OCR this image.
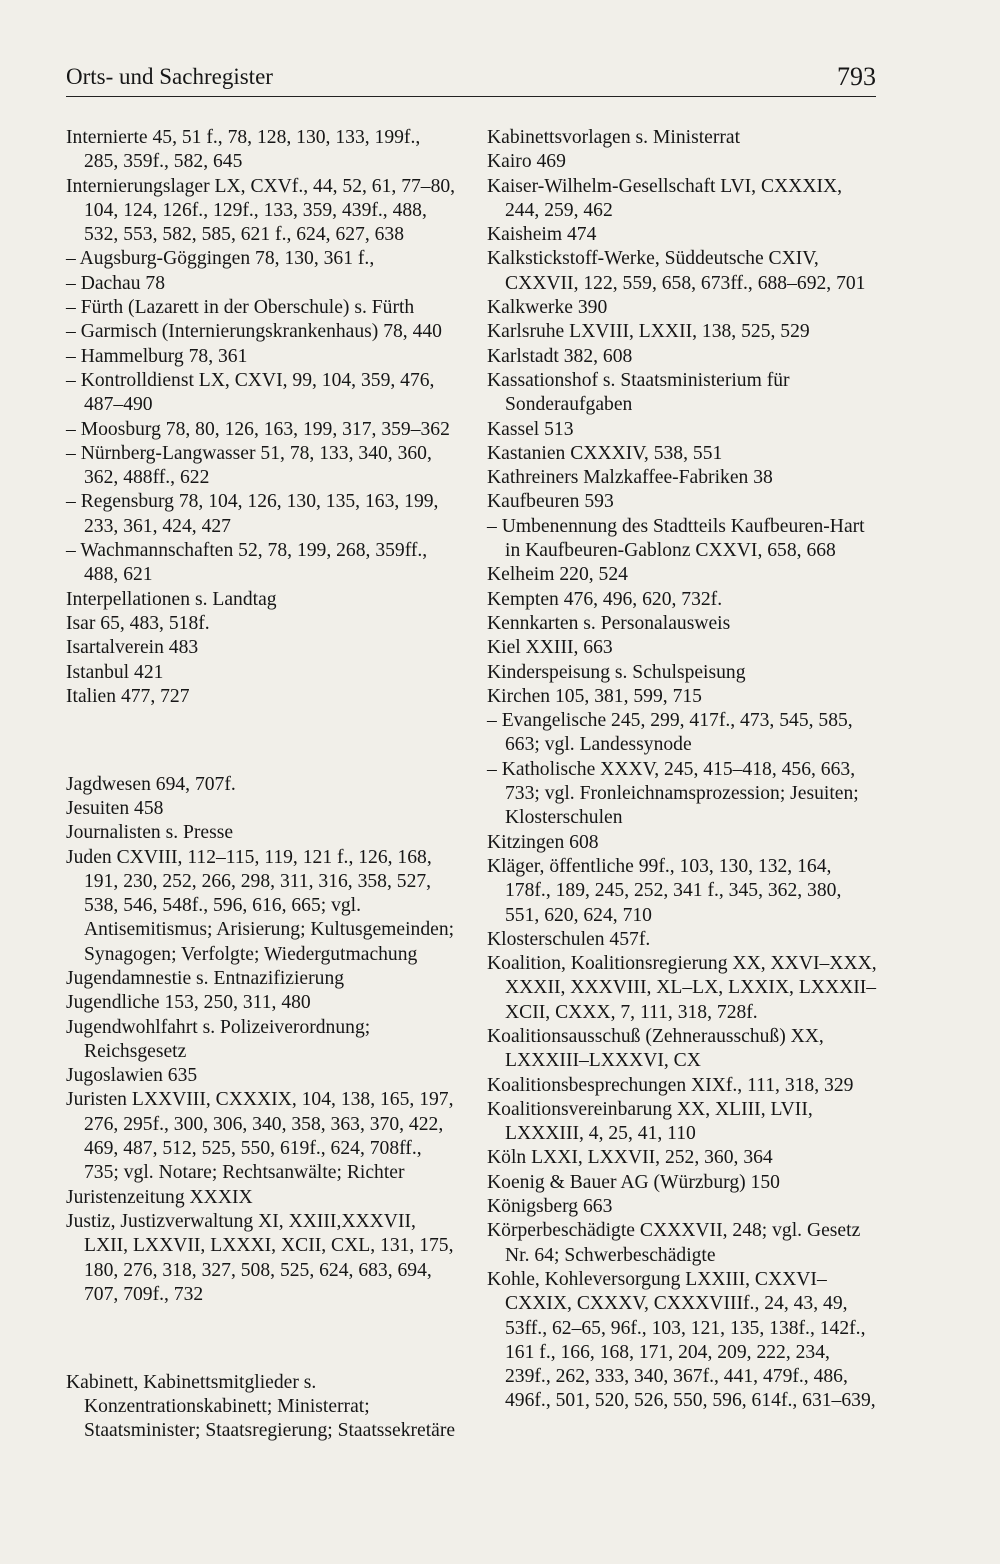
Orts- und Sachregister	793

Internierte 45, 51 f., 78, 128, 130, 133, 199f., 285, 359f., 582, 645

Internierungslager LX, CXVf., 44, 52, 61, 77–80, 104, 124, 126f., 129f., 133, 359, 439f., 488, 532, 553, 582, 585, 621 f., 624, 627, 638

– Augsburg-Göggingen 78, 130, 361 f.,

– Dachau 78

– Fürth (Lazarett in der Oberschule) s. Fürth

– Garmisch (Internierungskrankenhaus) 78, 440

– Hammelburg 78, 361

– Kontrolldienst LX, CXVI, 99, 104, 359, 476, 487–490

– Moosburg 78, 80, 126, 163, 199, 317, 359–362

– Nürnberg-Langwasser 51, 78, 133, 340, 360, 362, 488ff., 622

– Regensburg 78, 104, 126, 130, 135, 163, 199, 233, 361, 424, 427

– Wachmannschaften 52, 78, 199, 268, 359ff., 488, 621

Interpellationen s. Landtag

Isar 65, 483, 518f.

Isartalverein 483

Istanbul 421

Italien 477, 727

Jagdwesen 694, 707f.

Jesuiten 458

Journalisten s. Presse

Juden CXVIII, 112–115, 119, 121 f., 126, 168, 191, 230, 252, 266, 298, 311, 316, 358, 527, 538, 546, 548f., 596, 616, 665; vgl. Antisemitismus; Arisierung; Kultusgemeinden; Synagogen; Verfolgte; Wiedergutmachung

Jugendamnestie s. Entnazifizierung

Jugendliche 153, 250, 311, 480

Jugendwohlfahrt s. Polizeiverordnung; Reichsgesetz

Jugoslawien 635

Juristen LXXVIII, CXXXIX, 104, 138, 165, 197, 276, 295f., 300, 306, 340, 358, 363, 370, 422, 469, 487, 512, 525, 550, 619f., 624, 708ff., 735; vgl. Notare; Rechtsanwälte; Richter

Juristenzeitung XXXIX

Justiz, Justizverwaltung XI, XXIII,XXXVII, LXII, LXXVII, LXXXI, XCII, CXL, 131, 175, 180, 276, 318, 327, 508, 525, 624, 683, 694, 707, 709f., 732

Kabinett, Kabinettsmitglieder s. Konzentrationskabinett; Ministerrat; Staatsminister; Staatsregierung; Staatssekretäre

Kabinettsvorlagen s. Ministerrat

Kairo 469

Kaiser-Wilhelm-Gesellschaft LVI, CXXXIX, 244, 259, 462

Kaisheim 474

Kalkstickstoff-Werke, Süddeutsche CXIV, CXXVII, 122, 559, 658, 673ff., 688–692, 701

Kalkwerke 390

Karlsruhe LXVIII, LXXII, 138, 525, 529

Karlstadt 382, 608

Kassationshof s. Staatsministerium für Sonderaufgaben

Kassel 513

Kastanien CXXXIV, 538, 551

Kathreiners Malzkaffee-Fabriken 38

Kaufbeuren 593

– Umbenennung des Stadtteils Kaufbeuren-Hart in Kaufbeuren-Gablonz CXXVI, 658, 668

Kelheim 220, 524

Kempten 476, 496, 620, 732f.

Kennkarten s. Personalausweis

Kiel XXIII, 663

Kinderspeisung s. Schulspeisung

Kirchen 105, 381, 599, 715

– Evangelische 245, 299, 417f., 473, 545, 585, 663; vgl. Landessynode

– Katholische XXXV, 245, 415–418, 456, 663, 733; vgl. Fronleichnamsprozession; Jesuiten; Klosterschulen

Kitzingen 608

Kläger, öffentliche 99f., 103, 130, 132, 164, 178f., 189, 245, 252, 341 f., 345, 362, 380, 551, 620, 624, 710

Klosterschulen 457f.

Koalition, Koalitionsregierung XX, XXVI–XXX, XXXII, XXXVIII, XL–LX, LXXIX, LXXXII–XCII, CXXX, 7, 111, 318, 728f.

Koalitionsausschuß (Zehnerausschuß) XX, LXXXIII–LXXXVI, CX

Koalitionsbesprechungen XIXf., 111, 318, 329

Koalitionsvereinbarung XX, XLIII, LVII, LXXXIII, 4, 25, 41, 110

Köln LXXI, LXXVII, 252, 360, 364

Koenig & Bauer AG (Würzburg) 150

Königsberg 663

Körperbeschädigte CXXXVII, 248; vgl. Gesetz Nr. 64; Schwerbeschädigte

Kohle, Kohleversorgung LXXIII, CXXVI–CXXIX, CXXXV, CXXXVIIIf., 24, 43, 49, 53ff., 62–65, 96f., 103, 121, 135, 138f., 142f., 161 f., 166, 168, 171, 204, 209, 222, 234, 239f., 262, 333, 340, 367f., 441, 479f., 486, 496f., 501, 520, 526, 550, 596, 614f., 631–639,
